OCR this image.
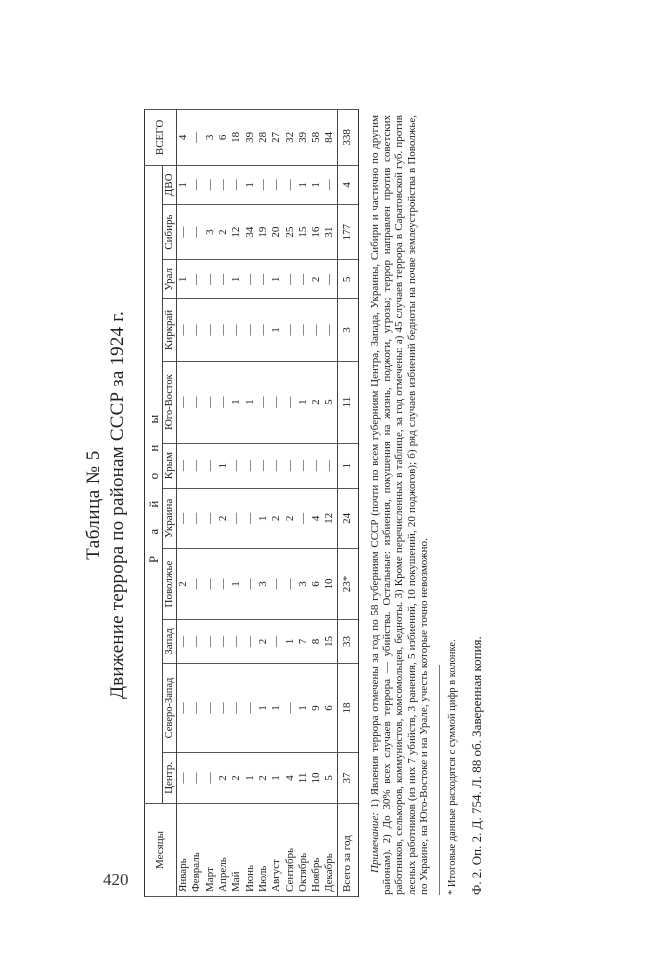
420
Таблица № 5 Движение террора по районам СССР за 1924 г.
Месяцы	Р а й о н ы											ВСЕГО
	Центр.	Северо-Запад	Запад	Поволжье	Украина	Крым	Юго-Восток	Киркрай	Урал	Сибирь	ДВО	
Январь	—	—	—	2	—	—	—	—	1	—	1	4
Февраль	—	—	—	—	—	—	—	—	—	—	—	—
Март	—	—	—	—	—	—	—	—	—	3	—	3
Апрель	2	—	—	—	2	1	—	—	—	2	—	6
Май	2	—	—	1	—	—	1	—	1	12	—	18
Июнь	1	—	—	—	—	—	1	—	—	34	1	39
Июль	2	1	2	3	1	—	—	—	—	19	—	28
Август	1	1	—	—	2	—	—	1	1	20	—	27
Сентябрь	4	—	1	—	2	—	—	—	—	25	—	32
Октябрь	11	1	7	3	—	—	1	—	—	15	1	39
Ноябрь	10	9	8	6	4	—	2	—	2	16	1	58
Декабрь	5	6	15	10	12	—	5	—	—	31	—	84
Всего за год	37	18	33	23*	24	1	11	3	5	177	4	338
Примечание: 1) Явления террора отмечены за год по 58 губерниям СССР (почти по всем губерниям Центра, Запада, Украины, Сибири и частично по другим районам). 2) До 30% всех случаев террора — убийства. Остальные: избиения, покушения на жизнь, поджоги, угрозы; террор направлен против советских работников, селькоров, коммунистов, комсомольцев, бедноты. 3) Кроме перечисленных в таблице, за год отмечены: а) 45 случаев террора в Саратовской губ. против лесных работников (из них 7 убийств, 3 ранения, 5 избиений, 10 покушений, 20 поджогов); б) ряд случаев избиений бедноты на почве землеустройства в Поволжье, по Украине, на Юго-Востоке и на Урале, учесть которые точно невозможно. * Итоговые данные расходятся с суммой цифр в колонке. Ф. 2. Оп. 2. Д. 754. Л. 88 об. Заверенная копия.
